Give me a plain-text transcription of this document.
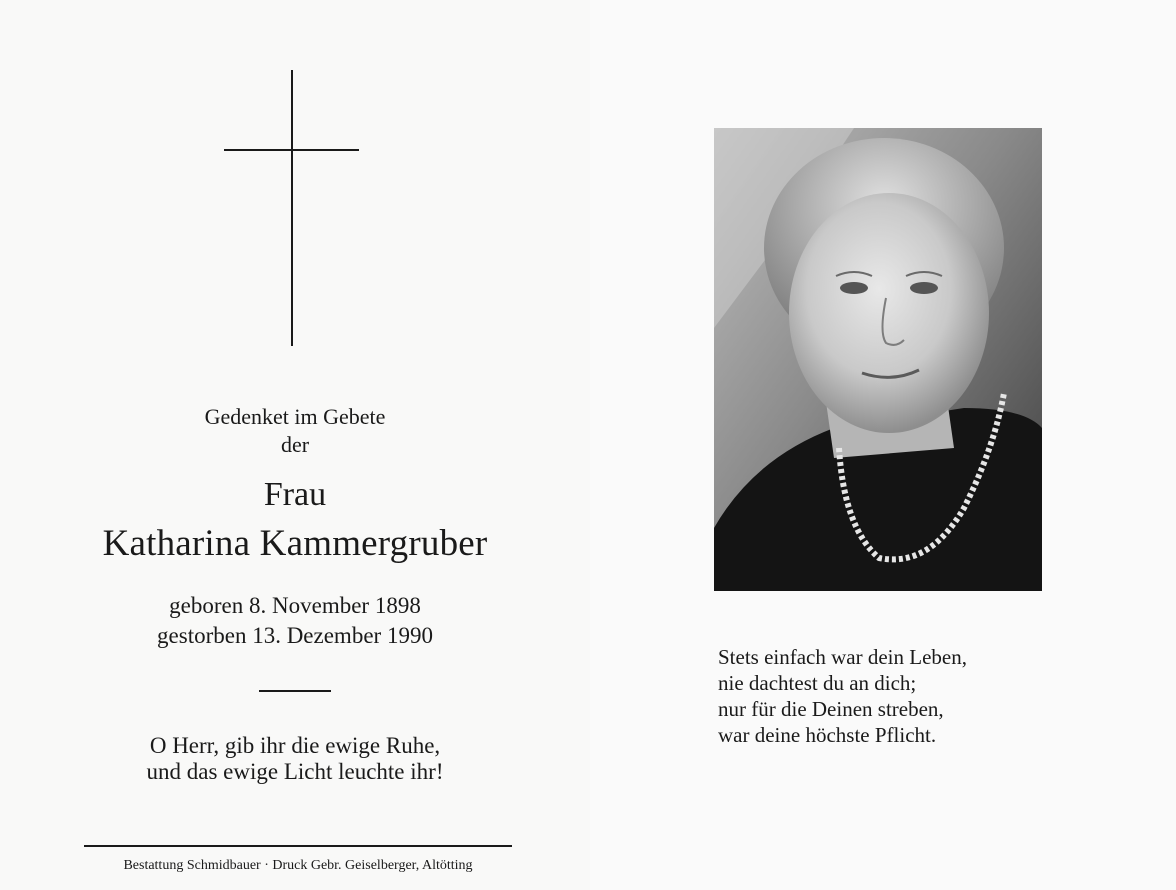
Gedenket im Gebete
der
Frau
Katharina Kammergruber
geboren 8. November 1898
gestorben 13. Dezember 1990
O Herr, gib ihr die ewige Ruhe,
und das ewige Licht leuchte ihr!
Bestattung Schmidbauer · Druck Gebr. Geiselberger, Altötting
Stets einfach war dein Leben,
nie dachtest du an dich;
nur für die Deinen streben,
war deine höchste Pflicht.
